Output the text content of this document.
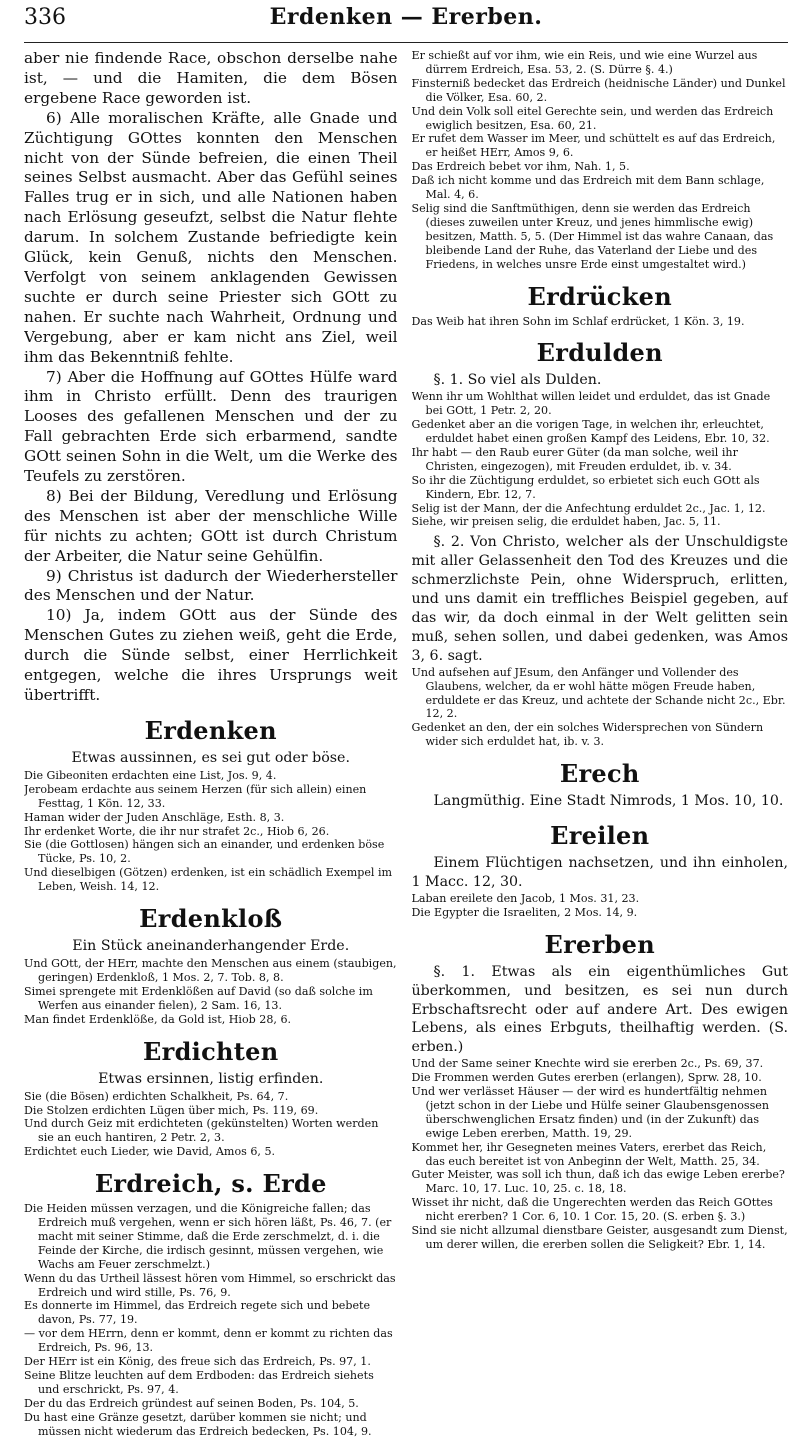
336	Erdenken — Ererben.

aber nie findende Race, obschon derselbe nahe ist, — und die Hamiten, die dem Bösen ergebene Race geworden ist.

6) Alle moralischen Kräfte, alle Gnade und Züchtigung GOttes konnten den Menschen nicht von der Sünde befreien, die einen Theil seines Selbst ausmacht. Aber das Gefühl seines Falles trug er in sich, und alle Nationen haben nach Erlösung geseufzt, selbst die Natur flehte darum. In solchem Zustande befriedigte kein Glück, kein Genuß, nichts den Menschen. Verfolgt von seinem anklagenden Gewissen suchte er durch seine Priester sich GOtt zu nahen. Er suchte nach Wahrheit, Ordnung und Vergebung, aber er kam nicht ans Ziel, weil ihm das Bekenntniß fehlte.

7) Aber die Hoffnung auf GOttes Hülfe ward ihm in Christo erfüllt. Denn des traurigen Looses des gefallenen Menschen und der zu Fall gebrachten Erde sich erbarmend, sandte GOtt seinen Sohn in die Welt, um die Werke des Teufels zu zerstören.

8) Bei der Bildung, Veredlung und Erlösung des Menschen ist aber der menschliche Wille für nichts zu achten; GOtt ist durch Christum der Arbeiter, die Natur seine Gehülfin.

9) Christus ist dadurch der Wiederhersteller des Menschen und der Natur.

10) Ja, indem GOtt aus der Sünde des Menschen Gutes zu ziehen weiß, geht die Erde, durch die Sünde selbst, einer Herrlichkeit entgegen, welche die ihres Ursprungs weit übertrifft.

Erdenken
Etwas aussinnen, es sei gut oder böse.

Die Gibeoniten erdachten eine List, Jos. 9, 4.

Jerobeam erdachte aus seinem Herzen (für sich allein) einen Festtag, 1 Kön. 12, 33.

Haman wider der Juden Anschläge, Esth. 8, 3.

Ihr erdenket Worte, die ihr nur strafet 2c., Hiob 6, 26.

Sie (die Gottlosen) hängen sich an einander, und erdenken böse Tücke, Ps. 10, 2.

Und dieselbigen (Götzen) erdenken, ist ein schädlich Exempel im Leben, Weish. 14, 12.

Erdenkloß
Ein Stück aneinanderhangender Erde.

Und GOtt, der HErr, machte den Menschen aus einem (staubigen, geringen) Erdenkloß, 1 Mos. 2, 7. Tob. 8, 8.

Simei sprengete mit Erdenklößen auf David (so daß solche im Werfen aus einander fielen), 2 Sam. 16, 13.

Man findet Erdenklöße, da Gold ist, Hiob 28, 6.

Erdichten
Etwas ersinnen, listig erfinden.

Sie (die Bösen) erdichten Schalkheit, Ps. 64, 7.

Die Stolzen erdichten Lügen über mich, Ps. 119, 69.

Und durch Geiz mit erdichteten (gekünstelten) Worten werden sie an euch hantiren, 2 Petr. 2, 3.

Erdichtet euch Lieder, wie David, Amos 6, 5.

Erdreich, s. Erde

Die Heiden müssen verzagen, und die Königreiche fallen; das Erdreich muß vergehen, wenn er sich hören läßt, Ps. 46, 7. (er macht mit seiner Stimme, daß die Erde zerschmelzt, d. i. die Feinde der Kirche, die irdisch gesinnt, müssen vergehen, wie Wachs am Feuer zerschmelzt.)

Wenn du das Urtheil lässest hören vom Himmel, so erschrickt das Erdreich und wird stille, Ps. 76, 9.

Es donnerte im Himmel, das Erdreich regete sich und bebete davon, Ps. 77, 19.

— vor dem HErrn, denn er kommt, denn er kommt zu richten das Erdreich, Ps. 96, 13.

Der HErr ist ein König, des freue sich das Erdreich, Ps. 97, 1.

Seine Blitze leuchten auf dem Erdboden: das Erdreich siehets und erschrickt, Ps. 97, 4.

Der du das Erdreich gründest auf seinen Boden, Ps. 104, 5.

Du hast eine Gränze gesetzt, darüber kommen sie nicht; und müssen nicht wiederum das Erdreich bedecken, Ps. 104, 9.

Er schießt auf vor ihm, wie ein Reis, und wie eine Wurzel aus dürrem Erdreich, Esa. 53, 2. (S. Dürre §. 4.)

Finsterniß bedecket das Erdreich (heidnische Länder) und Dunkel die Völker, Esa. 60, 2.

Und dein Volk soll eitel Gerechte sein, und werden das Erdreich ewiglich besitzen, Esa. 60, 21.

Er rufet dem Wasser im Meer, und schüttelt es auf das Erdreich, er heißet HErr, Amos 9, 6.

Das Erdreich bebet vor ihm, Nah. 1, 5.

Daß ich nicht komme und das Erdreich mit dem Bann schlage, Mal. 4, 6.

Selig sind die Sanftmüthigen, denn sie werden das Erdreich (dieses zuweilen unter Kreuz, und jenes himmlische ewig) besitzen, Matth. 5, 5. (Der Himmel ist das wahre Canaan, das bleibende Land der Ruhe, das Vaterland der Liebe und des Friedens, in welches unsre Erde einst umgestaltet wird.)

Erdrücken

Das Weib hat ihren Sohn im Schlaf erdrücket, 1 Kön. 3, 19.

Erdulden

§. 1. So viel als Dulden.

Wenn ihr um Wohlthat willen leidet und erduldet, das ist Gnade bei GOtt, 1 Petr. 2, 20.

Gedenket aber an die vorigen Tage, in welchen ihr, erleuchtet, erduldet habet einen großen Kampf des Leidens, Ebr. 10, 32.

Ihr habt — den Raub eurer Güter (da man solche, weil ihr Christen, eingezogen), mit Freuden erduldet, ib. v. 34.

So ihr die Züchtigung erduldet, so erbietet sich euch GOtt als Kindern, Ebr. 12, 7.

Selig ist der Mann, der die Anfechtung erduldet 2c., Jac. 1, 12.

Siehe, wir preisen selig, die erduldet haben, Jac. 5, 11.

§. 2. Von Christo, welcher als der Unschuldigste mit aller Gelassenheit den Tod des Kreuzes und die schmerzlichste Pein, ohne Widerspruch, erlitten, und uns damit ein treffliches Beispiel gegeben, auf das wir, da doch einmal in der Welt gelitten sein muß, sehen sollen, und dabei gedenken, was Amos 3, 6. sagt.

Und aufsehen auf JEsum, den Anfänger und Vollender des Glaubens, welcher, da er wohl hätte mögen Freude haben, erduldete er das Kreuz, und achtete der Schande nicht 2c., Ebr. 12, 2.

Gedenket an den, der ein solches Widersprechen von Sündern wider sich erduldet hat, ib. v. 3.

Erech

Langmüthig. Eine Stadt Nimrods, 1 Mos. 10, 10.

Ereilen

Einem Flüchtigen nachsetzen, und ihn einholen, 1 Macc. 12, 30.

Laban ereilete den Jacob, 1 Mos. 31, 23.

Die Egypter die Israeliten, 2 Mos. 14, 9.

Ererben

§. 1. Etwas als ein eigenthümliches Gut überkommen, und besitzen, es sei nun durch Erbschaftsrecht oder auf andere Art. Des ewigen Lebens, als eines Erbguts, theilhaftig werden. (S. erben.)

Und der Same seiner Knechte wird sie ererben 2c., Ps. 69, 37.

Die Frommen werden Gutes ererben (erlangen), Sprw. 28, 10.

Und wer verlässet Häuser — der wird es hundertfältig nehmen (jetzt schon in der Liebe und Hülfe seiner Glaubensgenossen überschwenglichen Ersatz finden) und (in der Zukunft) das ewige Leben ererben, Matth. 19, 29.

Kommet her, ihr Gesegneten meines Vaters, ererbet das Reich, das euch bereitet ist von Anbeginn der Welt, Matth. 25, 34.

Guter Meister, was soll ich thun, daß ich das ewige Leben ererbe? Marc. 10, 17. Luc. 10, 25. c. 18, 18.

Wisset ihr nicht, daß die Ungerechten werden das Reich GOttes nicht ererben? 1 Cor. 6, 10. 1 Cor. 15, 20. (S. erben §. 3.)

Sind sie nicht allzumal dienstbare Geister, ausgesandt zum Dienst, um derer willen, die ererben sollen die Seligkeit? Ebr. 1, 14.
